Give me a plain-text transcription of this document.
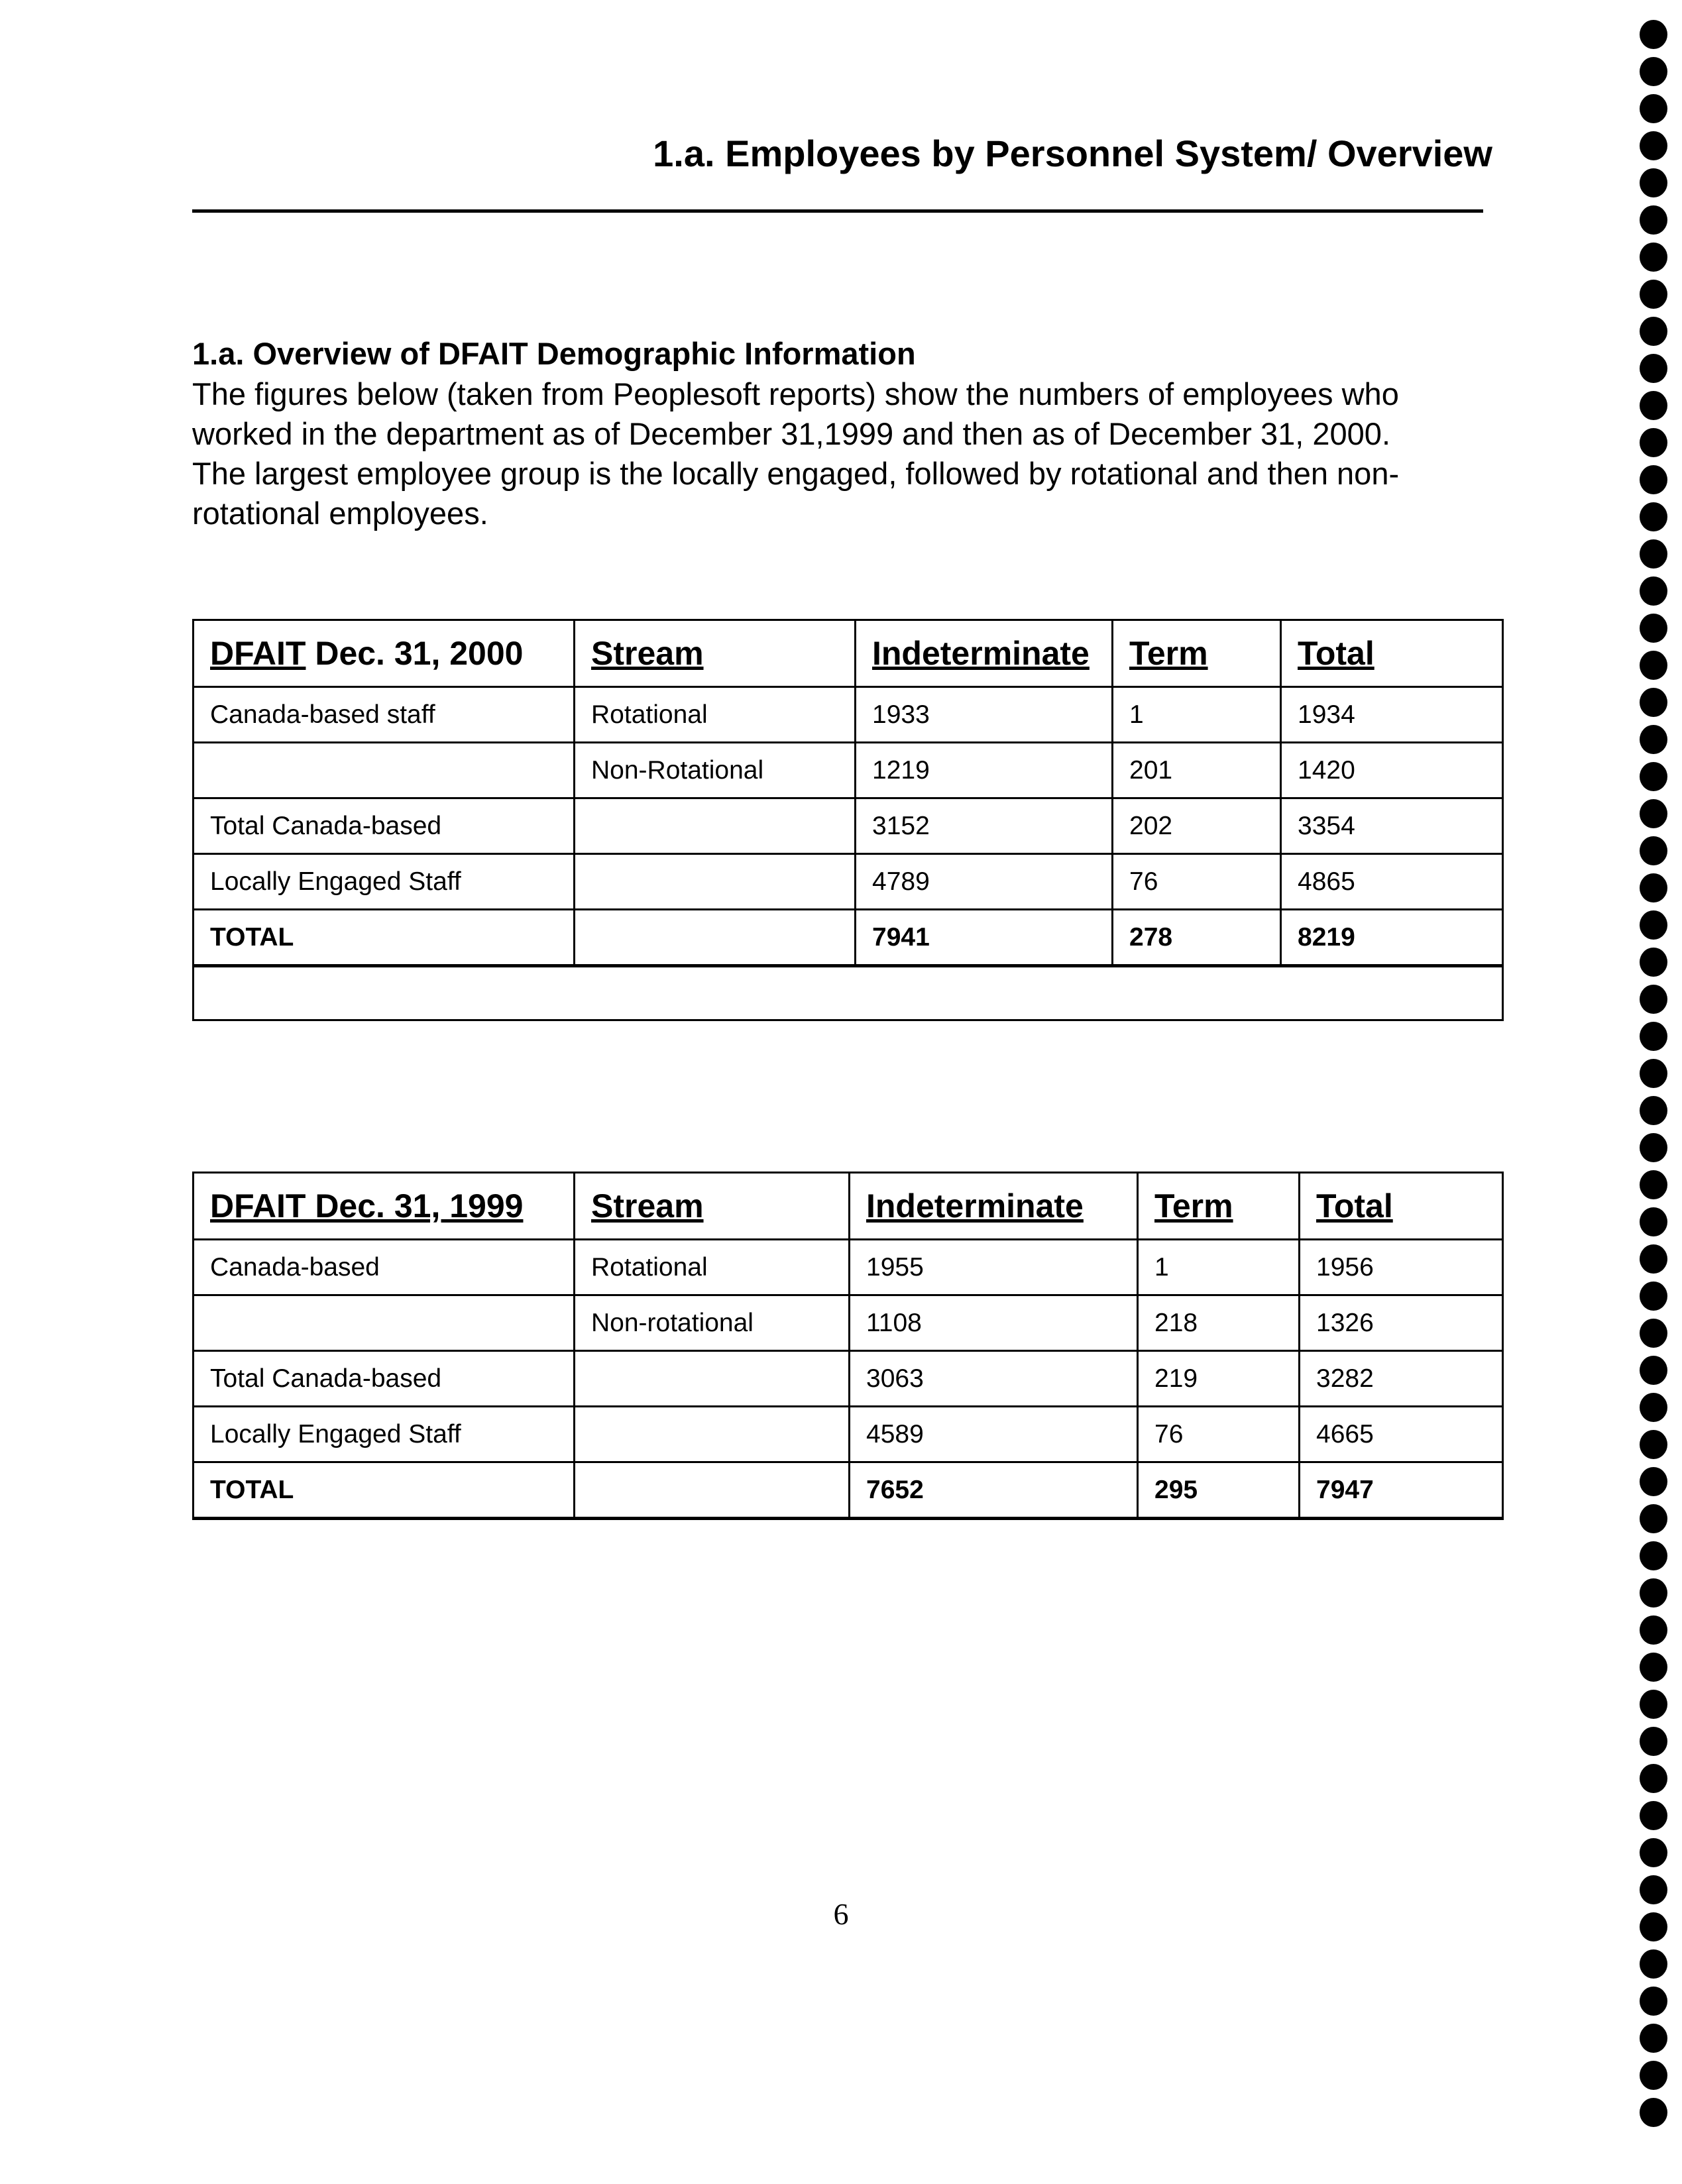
1.a. Employees by Personnel System/ Overview
1.a. Overview of DFAIT Demographic Information
The figures below (taken from Peoplesoft reports) show the numbers of employees who
worked in the department as of December 31,1999 and then as of December 31, 2000.
The largest employee group is the locally engaged, followed by rotational and then non-
rotational employees.
DFAIT Dec. 31, 2000	Stream	Indeterminate	Term	Total
Canada-based staff	Rotational	1933	1	1934
	Non-Rotational	1219	201	1420
Total Canada-based		3152	202	3354
Locally Engaged Staff		4789	76	4865
TOTAL		7941	278	8219

DFAIT Dec. 31, 1999	Stream	Indeterminate	Term	Total
Canada-based	Rotational	1955	1	1956
	Non-rotational	1108	218	1326
Total Canada-based		3063	219	3282
Locally Engaged Staff		4589	76	4665
TOTAL		7652	295	7947
6
